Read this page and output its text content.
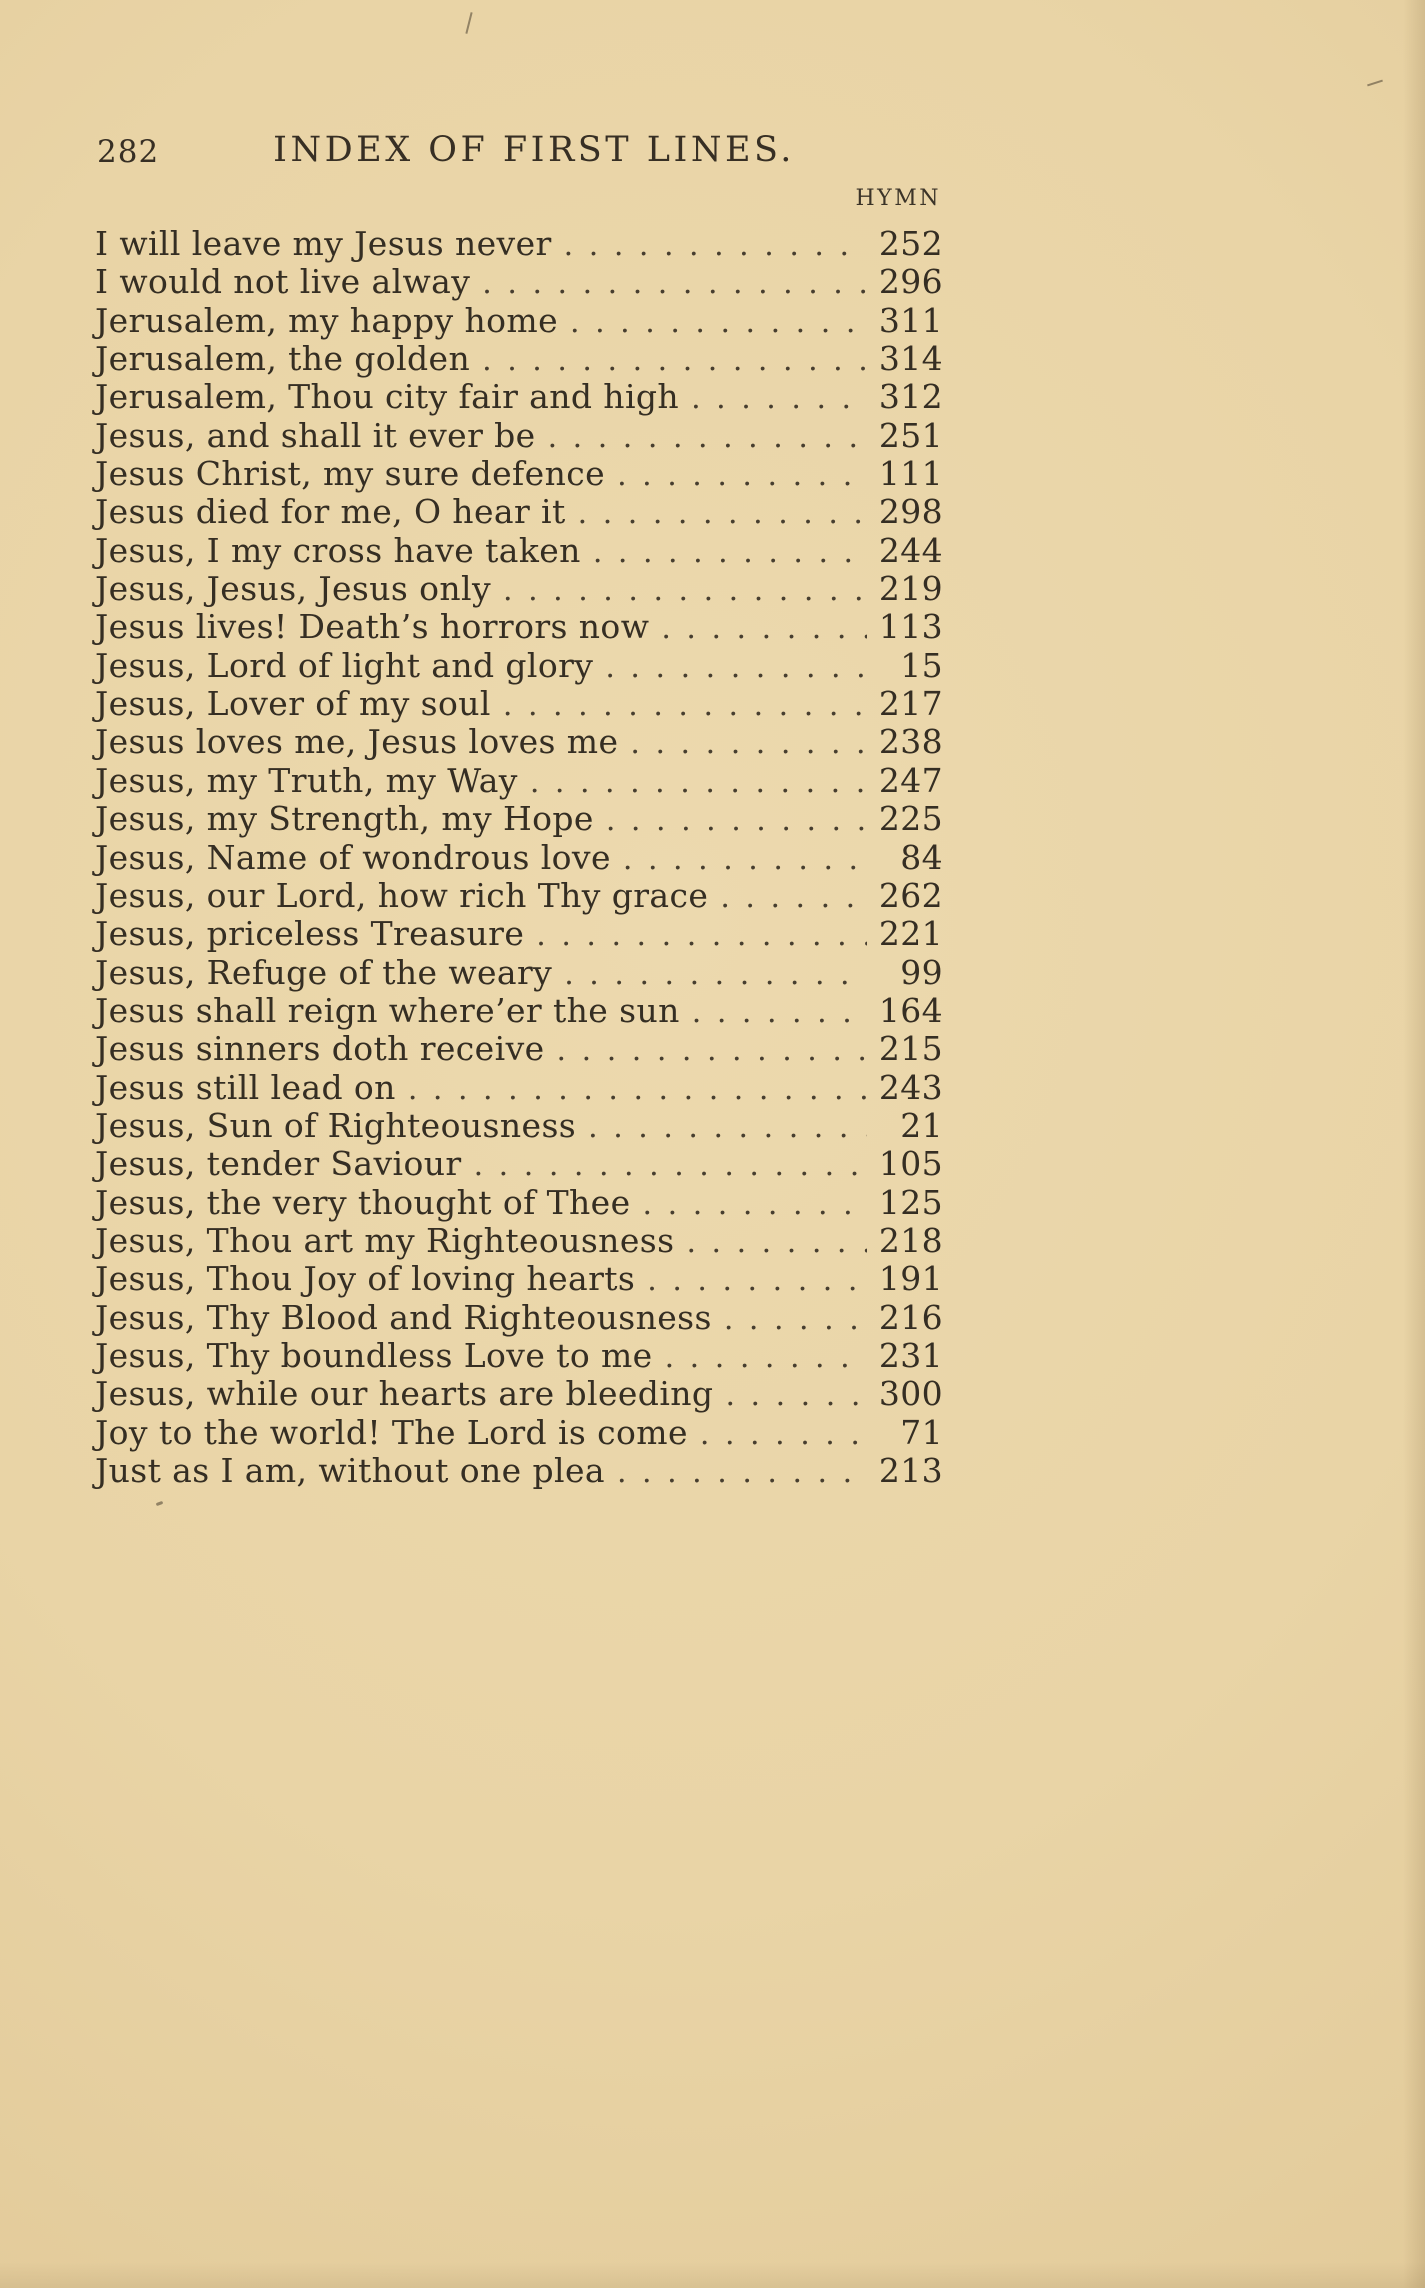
282	INDEX OF FIRST LINES.
HYMN
I will leave my Jesus never . . .	252
I would not live alway . . .	296
Jerusalem, my happy home . . .	311
Jerusalem, the golden . . .	314
Jerusalem, Thou city fair and high . . .	312
Jesus, and shall it ever be . . .	251
Jesus Christ, my sure defence . . .	111
Jesus died for me, O hear it . . .	298
Jesus, I my cross have taken . . .	244
Jesus, Jesus, Jesus only . . .	219
Jesus lives! Death’s horrors now . . .	113
Jesus, Lord of light and glory . . .	15
Jesus, Lover of my soul . . .	217
Jesus loves me, Jesus loves me . . .	238
Jesus, my Truth, my Way . . .	247
Jesus, my Strength, my Hope . . .	225
Jesus, Name of wondrous love . . .	84
Jesus, our Lord, how rich Thy grace . . .	262
Jesus, priceless Treasure . . .	221
Jesus, Refuge of the weary . . .	99
Jesus shall reign where’er the sun . . .	164
Jesus sinners doth receive . . .	215
Jesus still lead on . . .	243
Jesus, Sun of Righteousness . . .	21
Jesus, tender Saviour . . .	105
Jesus, the very thought of Thee . . .	125
Jesus, Thou art my Righteousness . . .	218
Jesus, Thou Joy of loving hearts . . .	191
Jesus, Thy Blood and Righteousness . . .	216
Jesus, Thy boundless Love to me . . .	231
Jesus, while our hearts are bleeding . . .	300
Joy to the world! The Lord is come . . .	71
Just as I am, without one plea . . .	213
